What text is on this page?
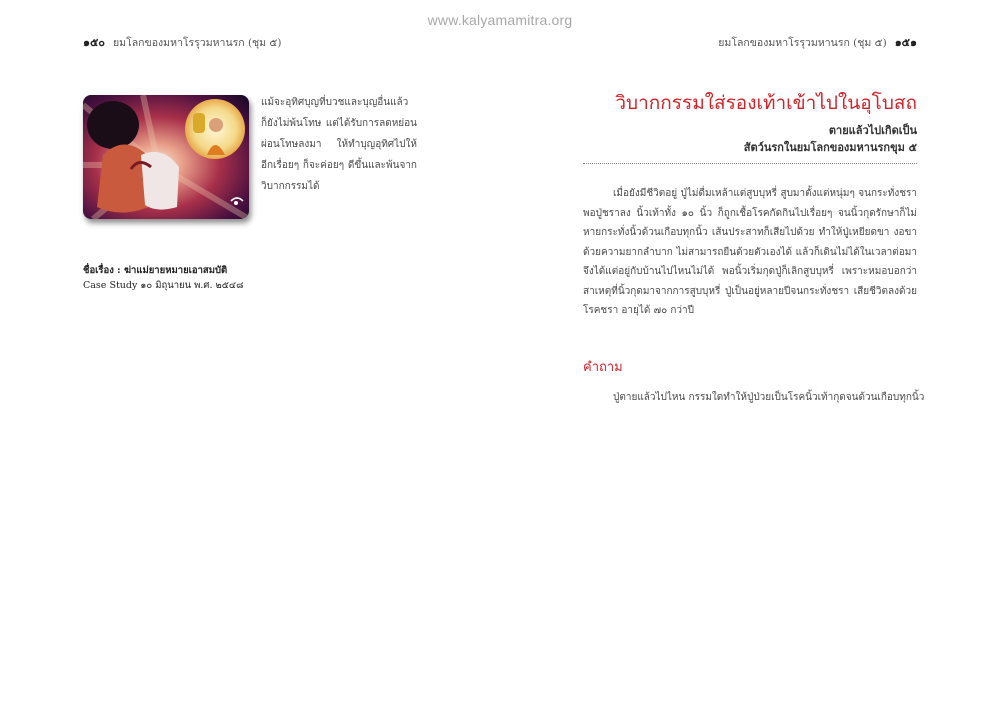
www.kalyamamitra.org
๑๕๐ ยมโลกของมหาโรรุวมหานรก (ชุม ๕)	ยมโลกของมหาโรรุวมหานรก (ชุม ๕) ๑๕๑
แม้จะอุทิศบุญที่บวชและบุญอื่นแล้ว ก็ยังไม่พ้นโทษ แต่ได้รับการลดหย่อนผ่อนโทษลงมา ให้ทำบุญอุทิศไปให้อีกเรื่อยๆ ก็จะค่อยๆ ดีขึ้นและพ้นจากวิบากกรรมได้
ชื่อเรื่อง : ฆ่าแม่ยายหมายเอาสมบัติ
Case Study ๑๐ มิถุนายน พ.ศ. ๒๕๔๘
วิบากกรรมใส่รองเท้าเข้าไปในอุโบสถ
ตายแล้วไปเกิดเป็น
สัตว์นรกในยมโลกของมหานรกขุม ๕
เมื่อยังมีชีวิตอยู่ ปู่ไม่ดื่มเหล้าแต่สูบบุหรี่ สูบมาตั้งแต่หนุ่มๆ จนกระทั่งชราพอปู่ชราลง นิ้วเท้าทั้ง ๑๐ นิ้ว ก็ถูกเชื้อโรคกัดกินไปเรื่อยๆ จนนิ้วกุดรักษาก็ไม่หายกระทั่งนิ้วด้วนเกือบทุกนิ้ว เส้นประสาทก็เสียไปด้วย ทำให้ปู่เหยียดขา งอขา ด้วยความยากลำบาก ไม่สามารถยืนด้วยตัวเองได้ แล้วก็เดินไม่ได้ในเวลาต่อมา จึงได้แต่อยู่กับบ้านไปไหนไม่ได้ พอนิ้วเริ่มกุดปู่ก็เลิกสูบบุหรี่ เพราะหมอบอกว่าสาเหตุที่นิ้วกุดมาจากการสูบบุหรี่ ปู่เป็นอยู่หลายปีจนกระทั่งชรา เสียชีวิตลงด้วยโรคชรา อายุได้ ๗๐ กว่าปี
คำถาม
ปู่ตายแล้วไปไหน กรรมใดทำให้ปู่ป่วยเป็นโรคนิ้วเท้ากุดจนด้วนเกือบทุกนิ้ว
